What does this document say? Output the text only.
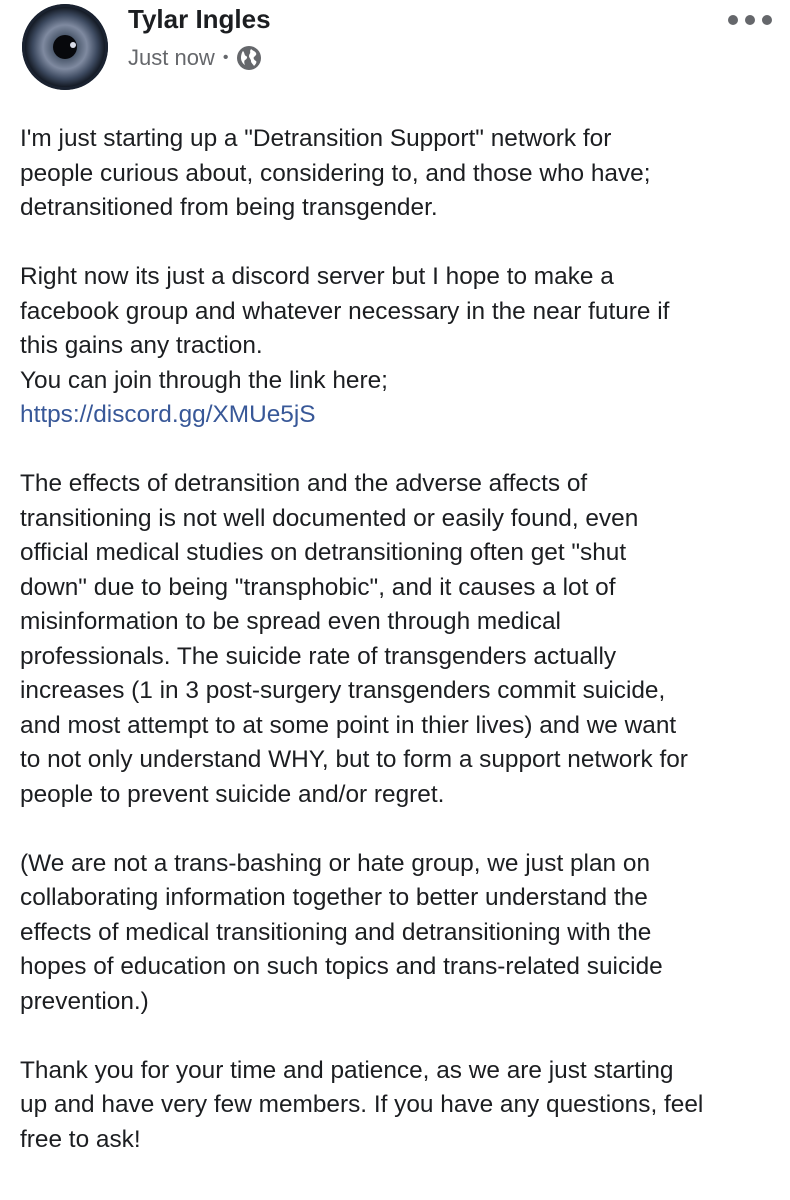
Tylar Ingles
Just now •
I'm just starting up a "Detransition Support" network for
people curious about, considering to, and those who have;
detransitioned from being transgender.
Right now its just a discord server but I hope to make a
facebook group and whatever necessary in the near future if
this gains any traction.
You can join through the link here;
https://discord.gg/XMUe5jS
The effects of detransition and the adverse affects of
transitioning is not well documented or easily found, even
official medical studies on detransitioning often get "shut
down" due to being "transphobic", and it causes a lot of
misinformation to be spread even through medical
professionals. The suicide rate of transgenders actually
increases (1 in 3 post-surgery transgenders commit suicide,
and most attempt to at some point in thier lives) and we want
to not only understand WHY, but to form a support network for
people to prevent suicide and/or regret.
(We are not a trans-bashing or hate group, we just plan on
collaborating information together to better understand the
effects of medical transitioning and detransitioning with the
hopes of education on such topics and trans-related suicide
prevention.)
Thank you for your time and patience, as we are just starting
up and have very few members. If you have any questions, feel
free to ask!
